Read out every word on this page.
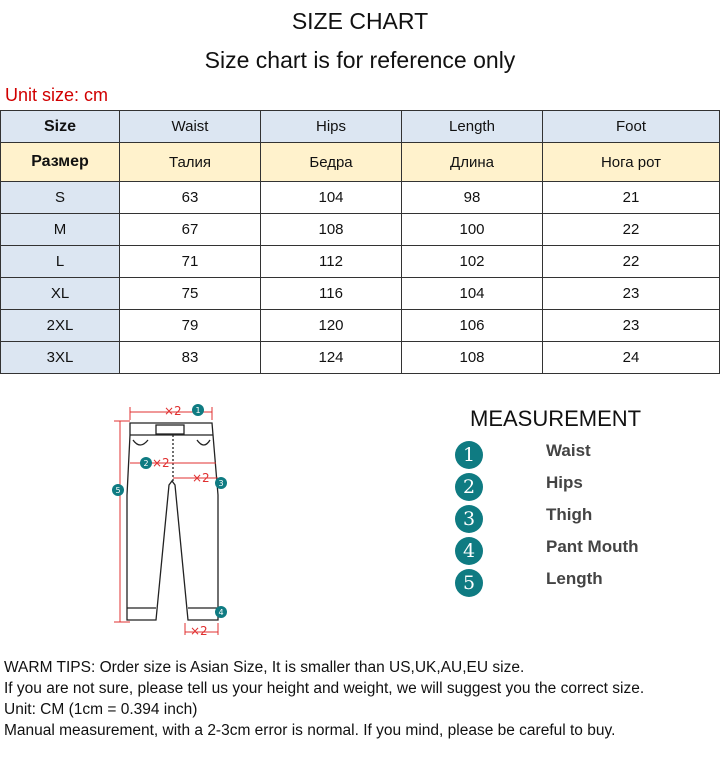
SIZE CHART
Size chart is for reference only
Unit size: cm
Size	Waist	Hips	Length	Foot
Размер	Талия	Бедра	Длина	Нога рот
S	63	104	98	21
M	67	108	100	22
L	71	112	102	22
XL	75	116	104	23
2XL	79	120	106	23
3XL	83	124	108	24
×2
×2
×2
×2
1
2
3
4
5
MEASUREMENT
1	Waist
2	Hips
3	Thigh
4	Pant Mouth
5	Length
WARM TIPS: Order size is Asian Size, It is smaller than US,UK,AU,EU size.
If you are not sure, please tell us your height and weight, we will suggest you the correct size.
Unit: CM (1cm = 0.394 inch)
Manual measurement, with a 2-3cm error is normal. If you mind, please be careful to buy.
